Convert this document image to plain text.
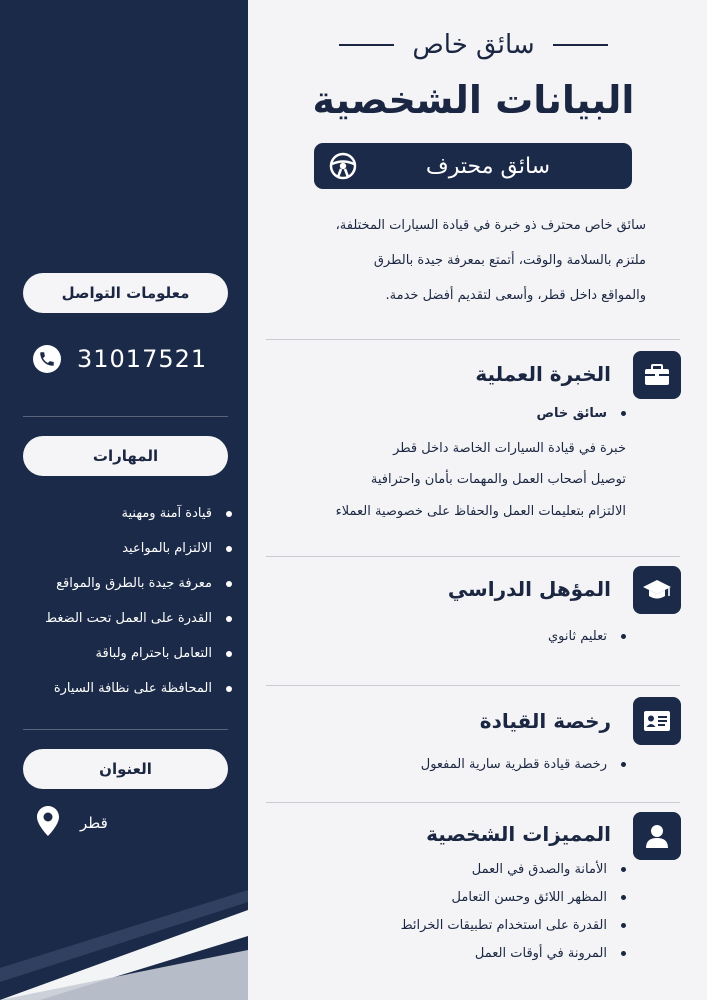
معلومات التواصل
31017521
المهارات
قيادة آمنة ومهنية
الالتزام بالمواعيد
معرفة جيدة بالطرق والمواقع
القدرة على العمل تحت الضغط
التعامل باحترام ولباقة
المحافظة على نظافة السيارة
العنوان
قطر
سائق خاص
البيانات الشخصية
سائق محترف

سائق خاص محترف ذو خبرة في قيادة السيارات المختلفة،

ملتزم بالسلامة والوقت، أتمتع بمعرفة جيدة بالطرق

والمواقع داخل قطر، وأسعى لتقديم أفضل خدمة.

الخبرة العملية
سائق خاص
خبرة في قيادة السيارات الخاصة داخل قطر
توصيل أصحاب العمل والمهمات بأمان واحترافية
الالتزام بتعليمات العمل والحفاظ على خصوصية العملاء
المؤهل الدراسي
تعليم ثانوي
رخصة القيادة
رخصة قيادة قطرية سارية المفعول
المميزات الشخصية
الأمانة والصدق في العمل
المظهر اللائق وحسن التعامل
القدرة على استخدام تطبيقات الخرائط
المرونة في أوقات العمل
